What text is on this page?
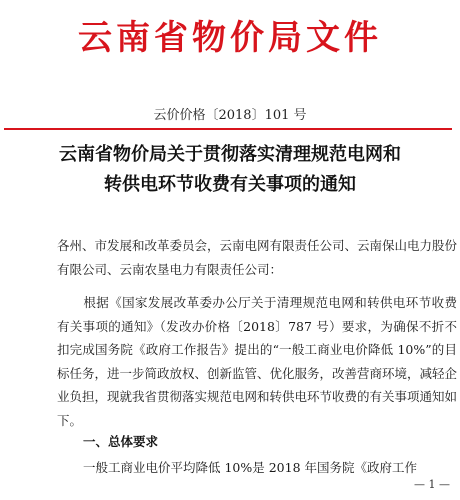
云南省物价局文件
云价价格〔2018〕101 号
云南省物价局关于贯彻落实清理规范电网和
转供电环节收费有关事项的通知
各州、市发展和改革委员会，云南电网有限责任公司、云南保山电力股份有限公司、云南农垦电力有限责任公司：
根据《国家发展改革委办公厅关于清理规范电网和转供电环节收费有关事项的通知》（发改办价格〔2018〕787 号）要求，为确保不折不扣完成国务院《政府工作报告》提出的“一般工商业电价降低 10%”的目标任务，进一步简政放权、创新监管、优化服务，改善营商环境，减轻企业负担，现就我省贯彻落实规范电网和转供电环节收费的有关事项通知如下。
一、总体要求
一般工商业电价平均降低 10%是 2018 年国务院《政府工作
— 1 —
